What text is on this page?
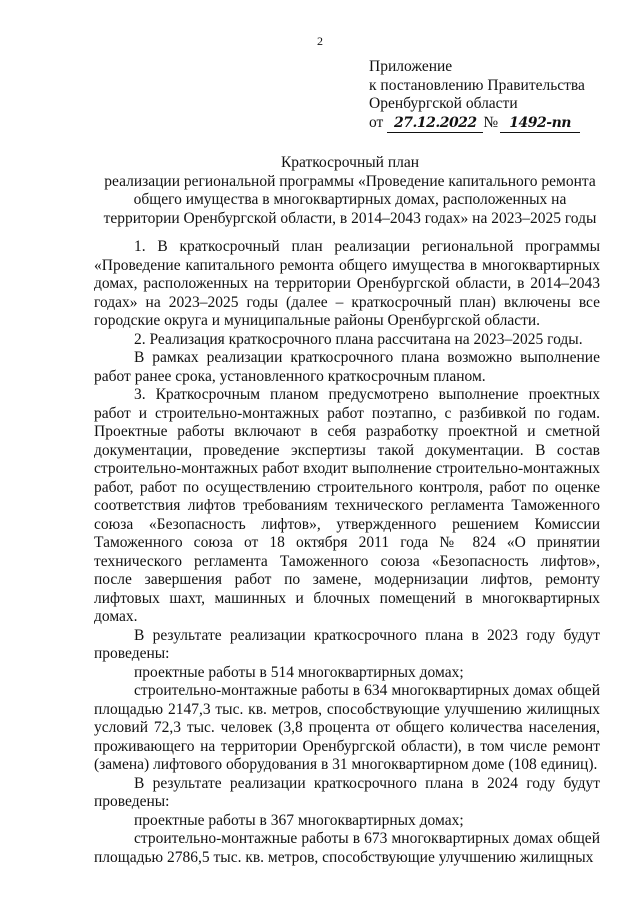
2
Приложение
к постановлению Правительства
Оренбургской области
от 27.12.2022 № 1492-пп
Краткосрочный план
реализации региональной программы «Проведение капитального ремонта
общего имущества в многоквартирных домах, расположенных на
территории Оренбургской области, в 2014–2043 годах» на 2023–2025 годы

1. В краткосрочный план реализации региональной программы «Проведение капитального ремонта общего имущества в многоквартирных домах, расположенных на территории Оренбургской области, в 2014–2043 годах» на 2023–2025 годы (далее – краткосрочный план) включены все городские округа и муниципальные районы Оренбургской области.

2. Реализация краткосрочного плана рассчитана на 2023–2025 годы.

В рамках реализации краткосрочного плана возможно выполнение работ ранее срока, установленного краткосрочным планом.

3. Краткосрочным планом предусмотрено выполнение проектных работ и строительно-монтажных работ поэтапно, с разбивкой по годам. Проектные работы включают в себя разработку проектной и сметной документации, проведение экспертизы такой документации. В состав строительно-монтажных работ входит выполнение строительно-монтажных работ, работ по осуществлению строительного контроля, работ по оценке соответствия лифтов требованиям технического регламента Таможенного союза «Безопасность лифтов», утвержденного решением Комиссии Таможенного союза от 18 октября 2011 года № 824 «О принятии технического регламента Таможенного союза «Безопасность лифтов», после завершения работ по замене, модернизации лифтов, ремонту лифтовых шахт, машинных и блочных помещений в многоквартирных домах.

В результате реализации краткосрочного плана в 2023 году будут проведены:

проектные работы в 514 многоквартирных домах;

строительно-монтажные работы в 634 многоквартирных домах общей площадью 2147,3 тыс. кв. метров, способствующие улучшению жилищных условий 72,3 тыс. человек (3,8 процента от общего количества населения, проживающего на территории Оренбургской области), в том числе ремонт (замена) лифтового оборудования в 31 многоквартирном доме (108 единиц).

В результате реализации краткосрочного плана в 2024 году будут проведены:

проектные работы в 367 многоквартирных домах;

строительно-монтажные работы в 673 многоквартирных домах общей площадью 2786,5 тыс. кв. метров, способствующие улучшению жилищных
